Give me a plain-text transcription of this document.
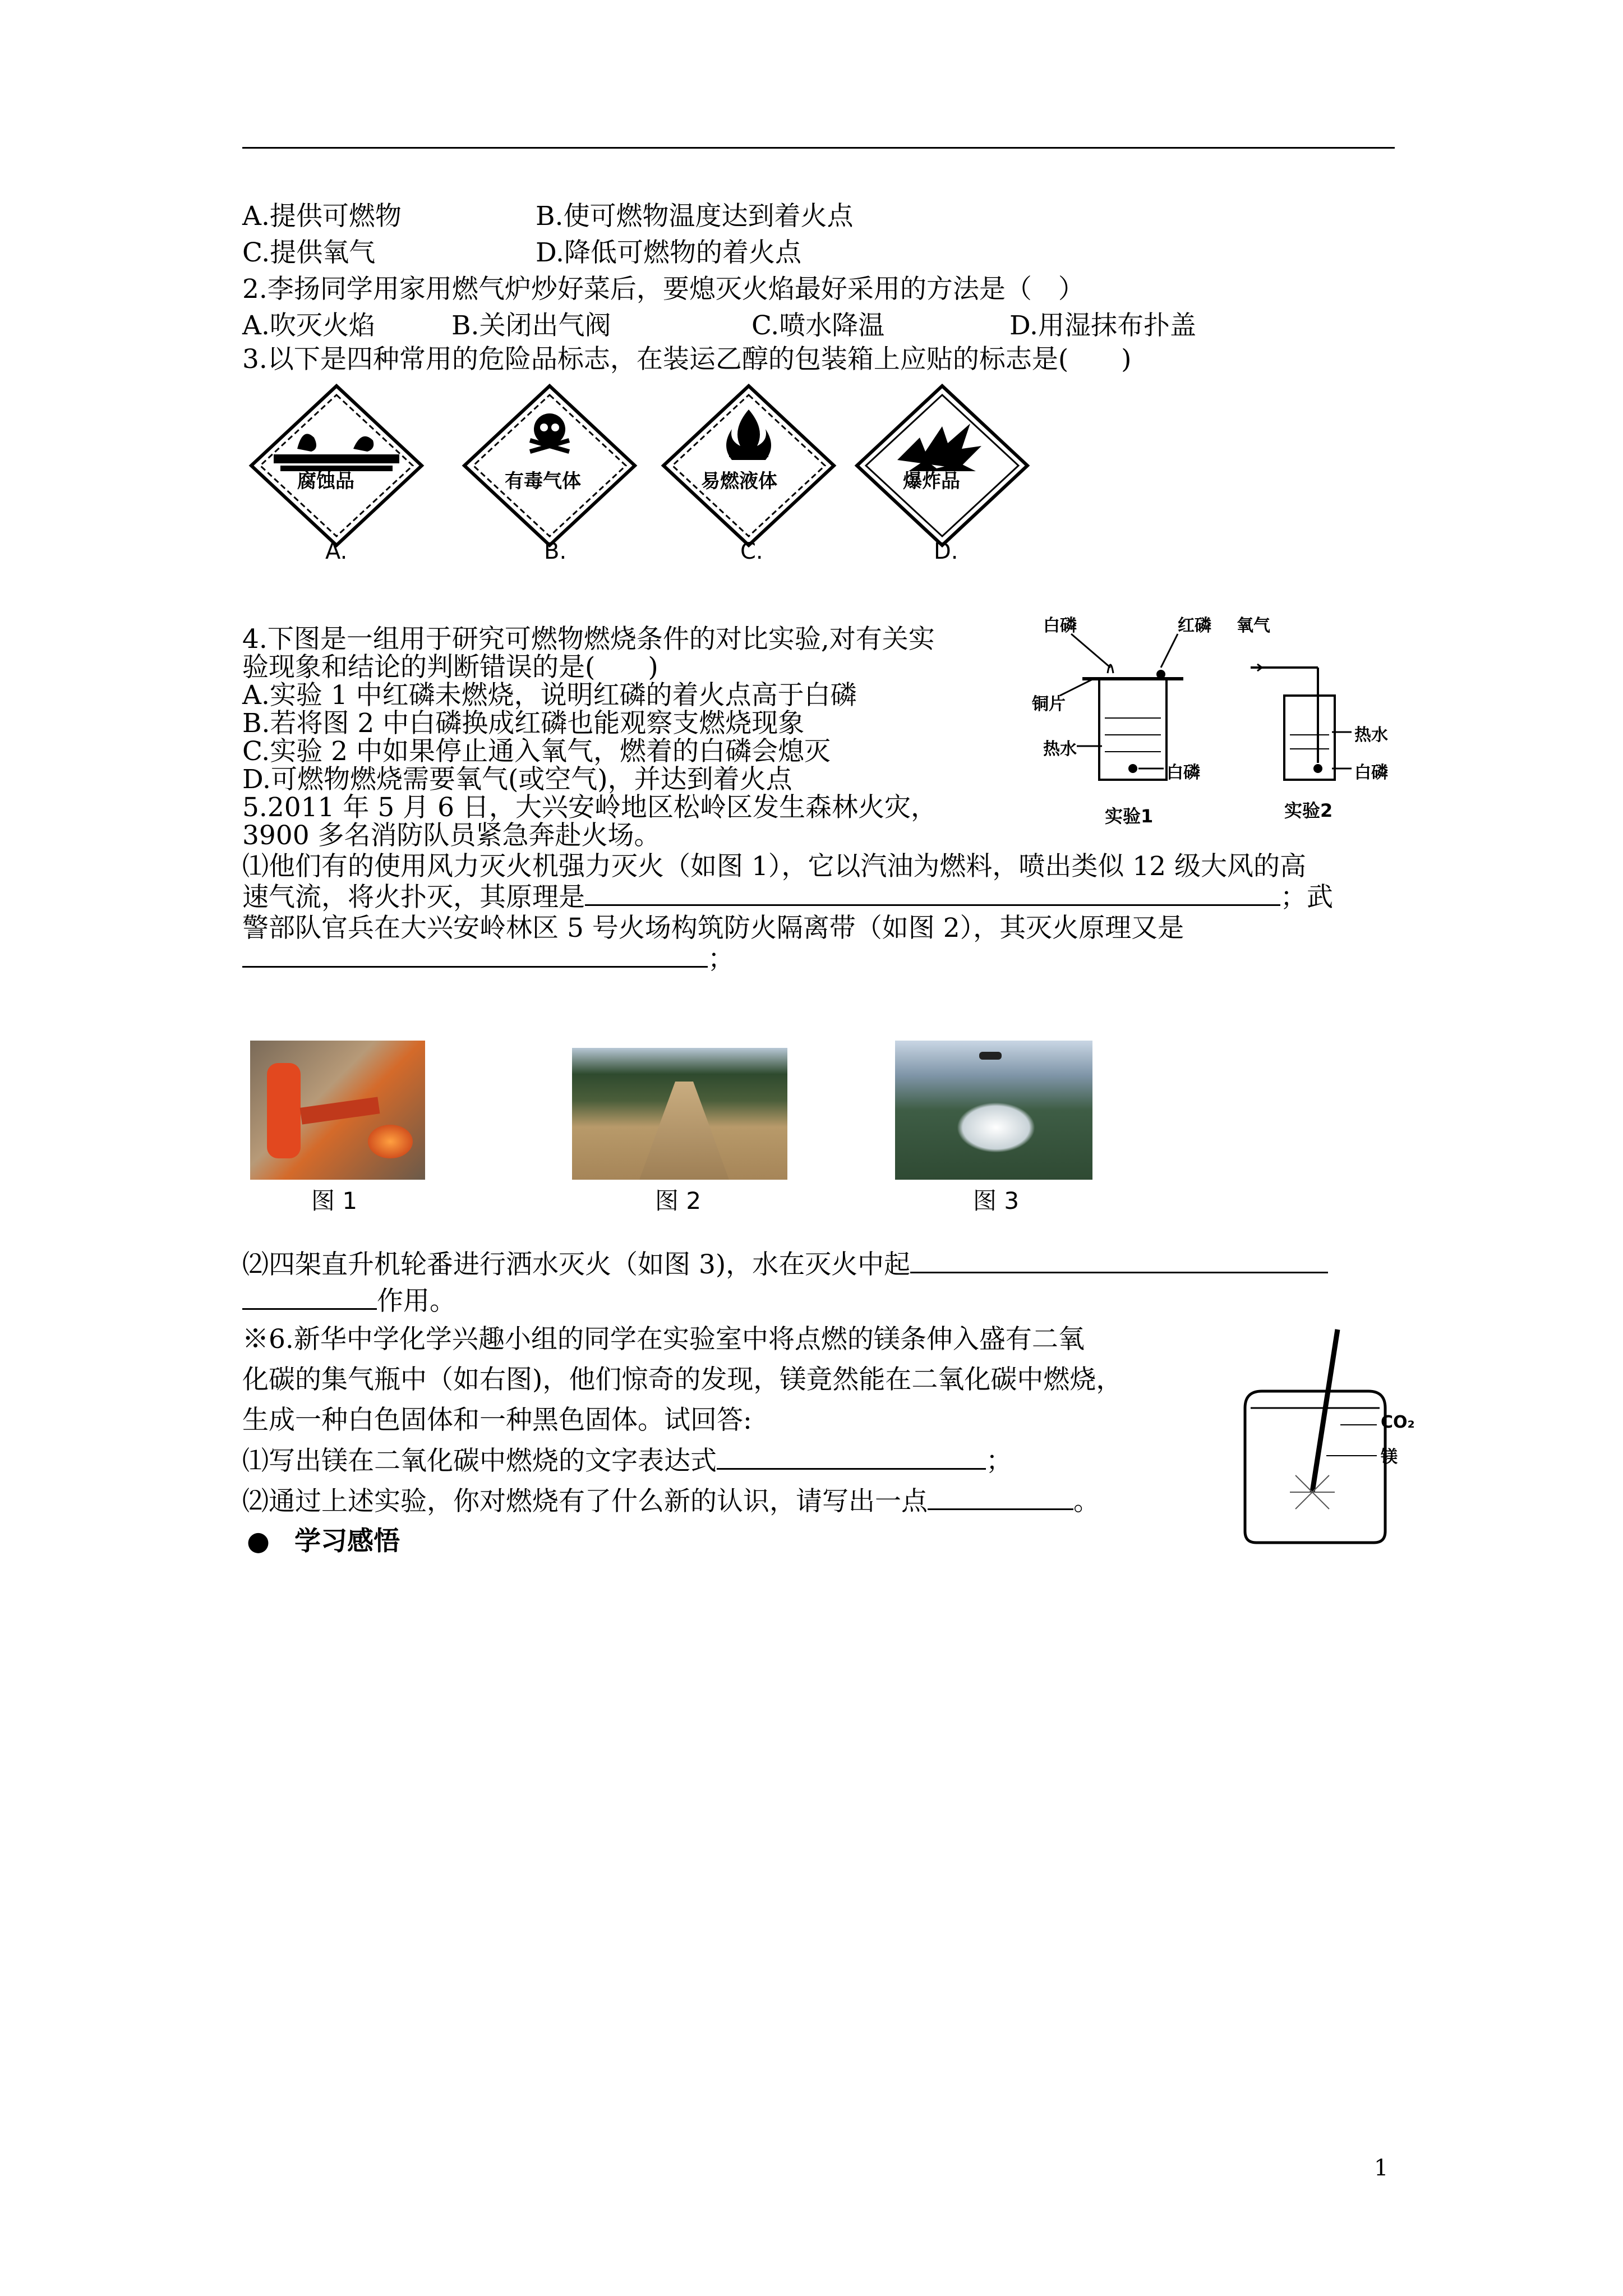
A.提供可燃物	B.使可燃物温度达到着火点
C.提供氧气	D.降低可燃物的着火点
2.李扬同学用家用燃气炉炒好菜后，要熄灭火焰最好采用的方法是（　）
A.吹灭火焰	B.关闭出气阀	C.喷水降温	D.用湿抹布扑盖
3.以下是四种常用的危险品标志，在装运乙醇的包装箱上应贴的标志是(　　)
腐蚀品
A.
有毒气体
B.
易燃液体
C.
爆炸品
D.
4.下图是一组用于研究可燃物燃烧条件的对比实验,对有关实
验现象和结论的判断错误的是(　　)
A.实验 1 中红磷未燃烧，说明红磷的着火点高于白磷
B.若将图 2 中白磷换成红磷也能观察支燃烧现象
C.实验 2 中如果停止通入氧气，燃着的白磷会熄灭
D.可燃物燃烧需要氧气(或空气)，并达到着火点
白磷	红磷
铜片
热水
白磷
实验1
氧气
热水
白磷
实验2
5.2011 年 5 月 6 日，大兴安岭地区松岭区发生森林火灾，
3900 多名消防队员紧急奔赴火场。
⑴他们有的使用风力灭火机强力灭火（如图 1），它以汽油为燃料，喷出类似 12 级大风的高
速气流，将火扑灭，其原理是	；武
警部队官兵在大兴安岭林区 5 号火场构筑防火隔离带（如图 2），其灭火原理又是
；
图 1	图 2	图 3
⑵四架直升机轮番进行洒水灭火（如图 3)，水在灭火中起
作用。
※6.新华中学化学兴趣小组的同学在实验室中将点燃的镁条伸入盛有二氧
化碳的集气瓶中（如右图)，他们惊奇的发现，镁竟然能在二氧化碳中燃烧，
生成一种白色固体和一种黑色固体。试回答:
⑴写出镁在二氧化碳中燃烧的文字表达式	；
⑵通过上述实验，你对燃烧有了什么新的认识，请写出一点	。
CO₂
镁
● 学习感悟
1
